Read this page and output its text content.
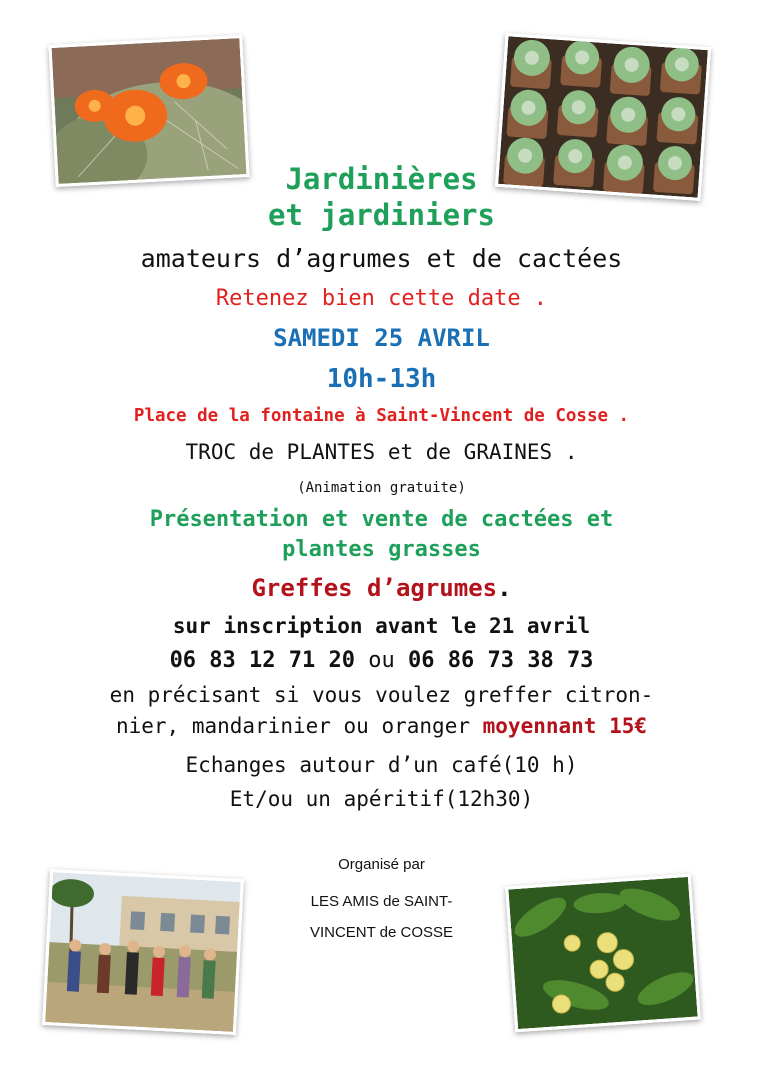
Jardinières
et jardiniers
amateurs d’agrumes et de cactées
Retenez bien cette date .
SAMEDI 25 AVRIL
10h-13h
Place de la fontaine à Saint-Vincent de Cosse .
TROC de PLANTES et de GRAINES .
(Animation gratuite)
Présentation et vente de cactées et
plantes grasses
Greffes d’agrumes.
sur inscription avant le 21 avril
06 83 12 71 20 ou 06 86 73 38 73
en précisant si vous voulez greffer citron-
nier, mandarinier ou oranger moyennant 15€
Echanges autour d’un café(10 h)
Et/ou un apéritif(12h30)
Organisé par
LES AMIS de SAINT-
VINCENT de COSSE
